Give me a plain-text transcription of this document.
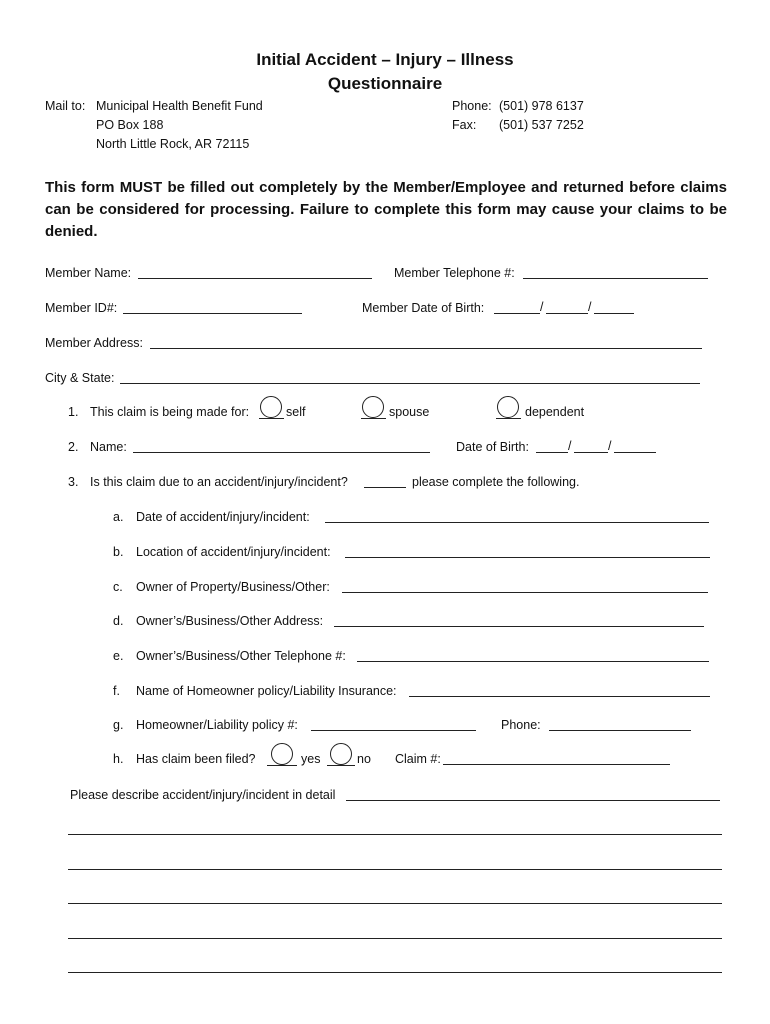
Initial Accident – Injury – Illness
Questionnaire
Mail to: Municipal Health Benefit Fund
PO Box 188
North Little Rock, AR 72115
Phone: (501) 978 6137
Fax: (501) 537 7252
This form MUST be filled out completely by the Member/Employee and returned before claims can be considered for processing. Failure to complete this form may cause your claims to be denied.
Member Name:	Member Telephone #:
Member ID#:	Member Date of Birth:	/	/
Member Address:
City & State:
1. This claim is being made for:	self	spouse	dependent
2. Name:	Date of Birth:	/	/
3. Is this claim due to an accident/injury/incident?	please complete the following.
a. Date of accident/injury/incident:
b. Location of accident/injury/incident:
c. Owner of Property/Business/Other:
d. Owner’s/Business/Other Address:
e. Owner’s/Business/Other Telephone #:
f. Name of Homeowner policy/Liability Insurance:
g. Homeowner/Liability policy #:	Phone:
h. Has claim been filed?	yes	no Claim #:
Please describe accident/injury/incident in detail
